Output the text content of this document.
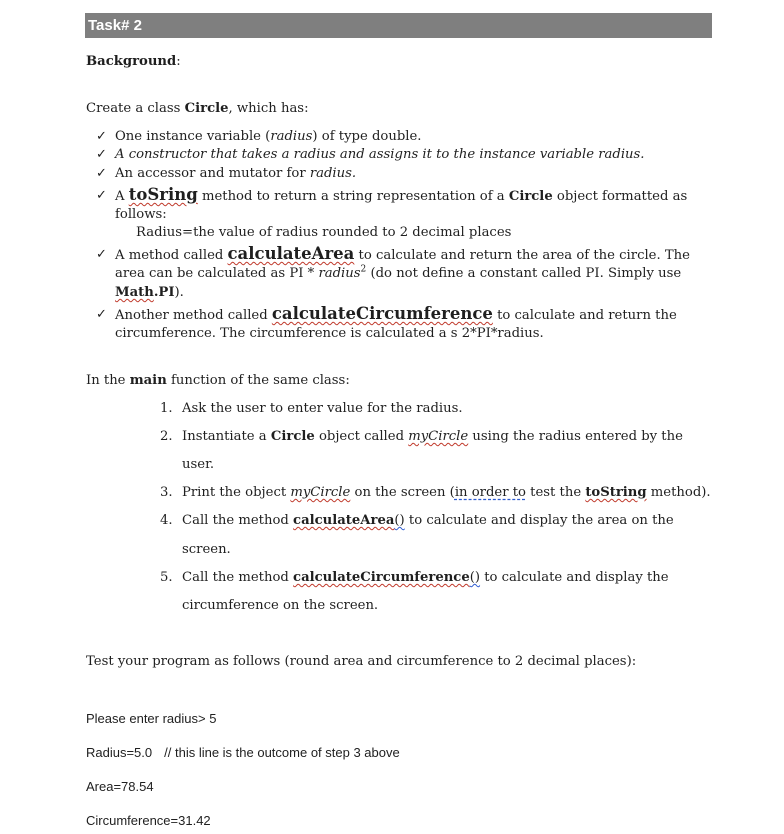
Task# 2
Background:
Create a class Circle, which has:
✓ One instance variable (radius) of type double.
✓ A constructor that takes a radius and assigns it to the instance variable radius.
✓ An accessor and mutator for radius.
✓ A toSring method to return a string representation of a Circle object formatted as
follows:
Radius=the value of radius rounded to 2 decimal places
✓ A method called calculateArea to calculate and return the area of the circle. The
area can be calculated as PI * radius$^2$ (do not define a constant called PI. Simply use
Math.PI).
✓ Another method called calculateCircumference to calculate and return the
circumference. The circumference is calculated a s 2*PI*radius.
In the main function of the same class:
1. Ask the user to enter value for the radius.
2. Instantiate a Circle object called myCircle using the radius entered by the
user.
3. Print the object myCircle on the screen (in order to test the toString method).
4. Call the method calculateArea() to calculate and display the area on the
screen.
5. Call the method calculateCircumference() to calculate and display the
circumference on the screen.
Test your program as follows (round area and circumference to 2 decimal places):
Please enter radius> 5
Radius=5.0 // this line is the outcome of step 3 above
Area=78.54
Circumference=31.42
